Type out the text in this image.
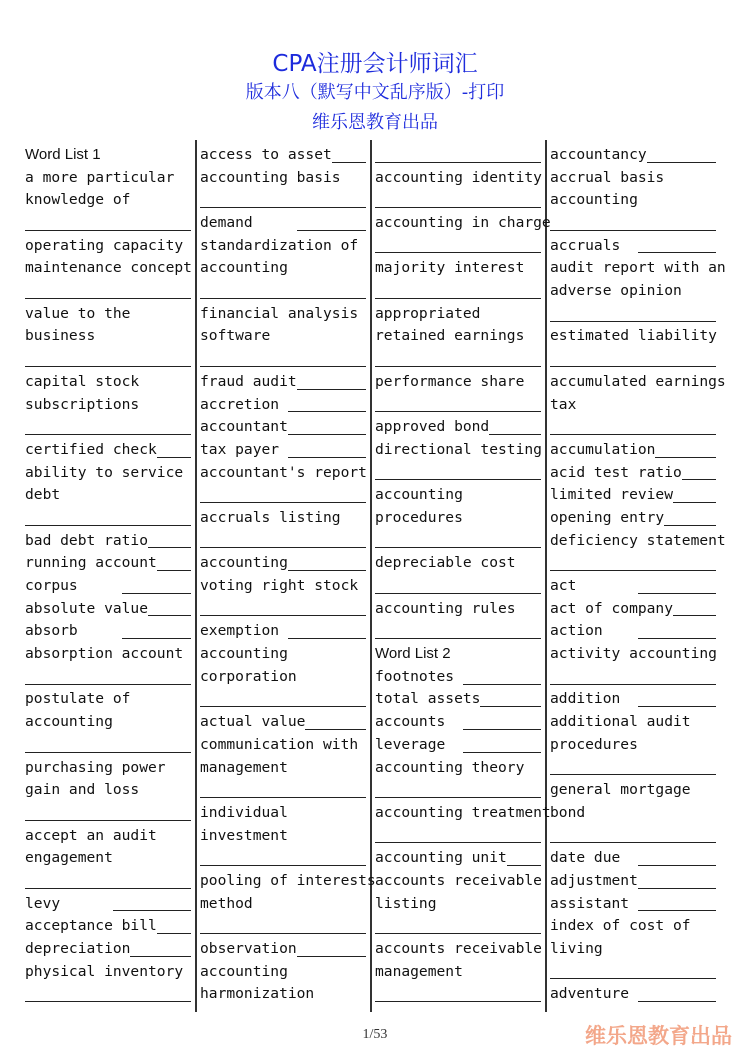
CPA注册会计师词汇
版本八（默写中文乱序版）-打印
维乐恩教育出品
Word List 1
a more particular
knowledge of
operating capacity
maintenance concept
value to the
business
capital stock
subscriptions
certified check
ability to service
debt
bad debt ratio
running account
corpus
absolute value
absorb
absorption account
postulate of
accounting
purchasing power
gain and loss
accept an audit
engagement
levy
acceptance bill
depreciation
physical inventory
access to asset
accounting basis
demand
standardization of
accounting
financial analysis
software
fraud audit
accretion
accountant
tax payer
accountant's report
accruals listing
accounting
voting right stock
exemption
accounting
corporation
actual value
communication with
management
individual
investment
pooling of interests
method
observation
accounting
harmonization
accounting identity
accounting in charge
majority interest
appropriated
retained earnings
performance share
approved bond
directional testing
accounting
procedures
depreciable cost
accounting rules
Word List 2
footnotes
total assets
accounts
leverage
accounting theory
accounting treatment
accounting unit
accounts receivable
listing
accounts receivable
management
accountancy
accrual basis
accounting
accruals
audit report with an
adverse opinion
estimated liability
accumulated earnings
tax
accumulation
acid test ratio
limited review
opening entry
deficiency statement
act
act of company
action
activity accounting
addition
additional audit
procedures
general mortgage
bond
date due
adjustment
assistant
index of cost of
living
adventure
1/53	维乐恩教育出品
